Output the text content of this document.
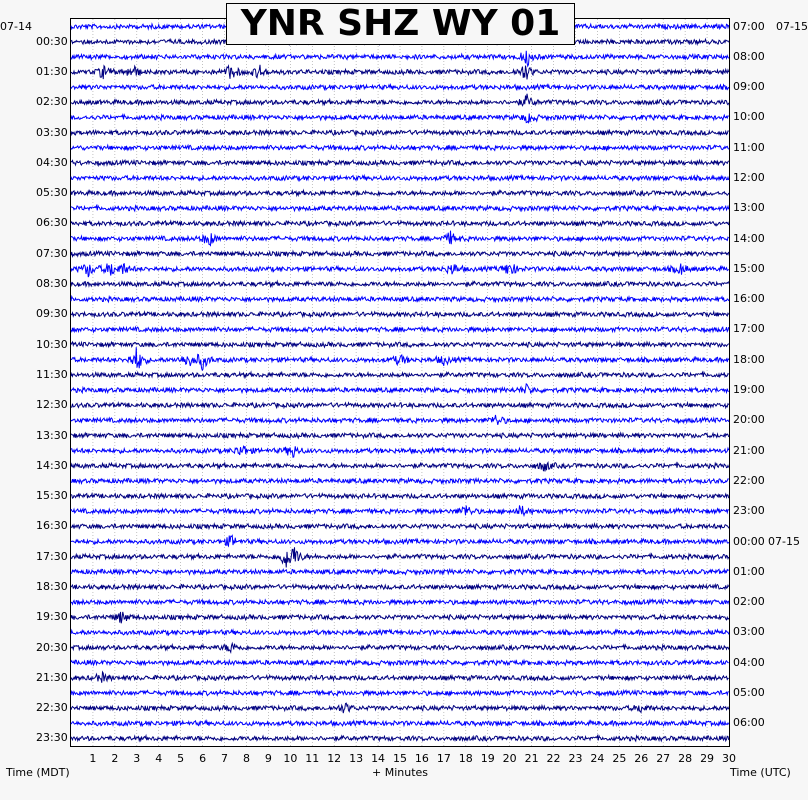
YNR SHZ WY 01
00:30
01:30
02:30
03:30
04:30
05:30
06:30
07:30
08:30
09:30
10:30
11:30
12:30
13:30
14:30
15:30
16:30
17:30
18:30
19:30
20:30
21:30
22:30
23:30
07:00
08:00
09:00
10:00
11:00
12:00
13:00
14:00
15:00
16:00
17:00
18:00
19:00
20:00
21:00
22:00
23:00
00:00 07-15
01:00
02:00
03:00
04:00
05:00
06:00
1	2	3	4	5	6	7	8	9	10 11 12 13 14 15 16 17 18 19 20 21 22 23 24 25 26 27 28 29 30
07-14	07-15
Time (MDT)	+ Minutes	Time (UTC)
